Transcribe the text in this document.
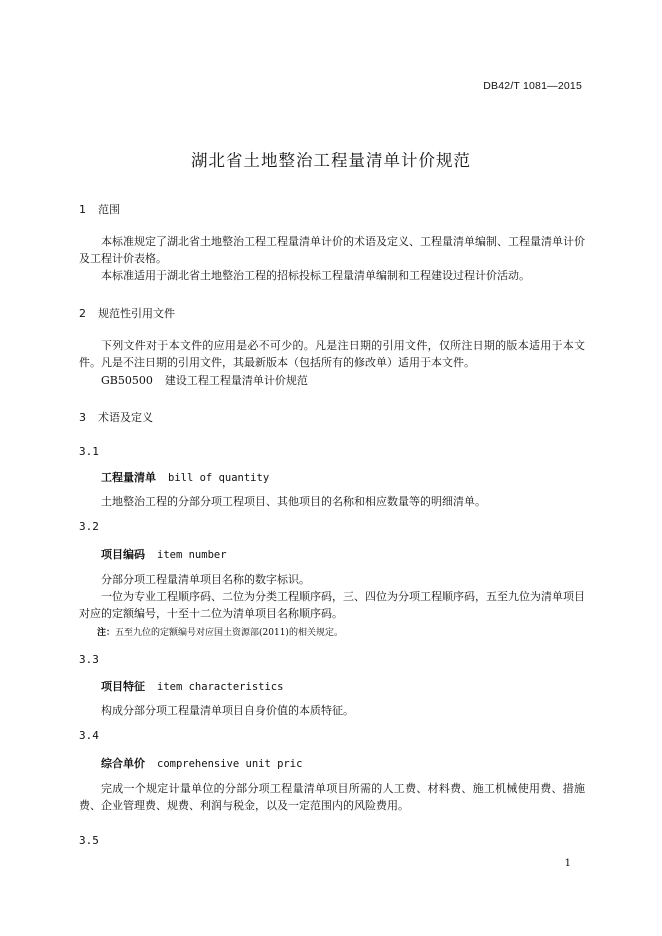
DB42/T 1081—2015
湖北省土地整治工程量清单计价规范
1 范围
本标准规定了湖北省土地整治工程工程量清单计价的术语及定义、工程量清单编制、工程量清单计价及工程计价表格。
本标准适用于湖北省土地整治工程的招标投标工程量清单编制和工程建设过程计价活动。
2 规范性引用文件
下列文件对于本文件的应用是必不可少的。凡是注日期的引用文件，仅所注日期的版本适用于本文件。凡是不注日期的引用文件，其最新版本（包括所有的修改单）适用于本文件。
GB50500 建设工程工程量清单计价规范
3 术语及定义
3.1
工程量清单 bill of quantity
土地整治工程的分部分项工程项目、其他项目的名称和相应数量等的明细清单。
3.2
项目编码 item number
分部分项工程量清单项目名称的数字标识。
一位为专业工程顺序码、二位为分类工程顺序码，三、四位为分项工程顺序码，五至九位为清单项目对应的定额编号，十至十二位为清单项目名称顺序码。
注：五至九位的定额编号对应国土资源部(2011)的相关规定。
3.3
项目特征 item characteristics
构成分部分项工程量清单项目自身价值的本质特征。
3.4
综合单价 comprehensive unit pric
完成一个规定计量单位的分部分项工程量清单项目所需的人工费、材料费、施工机械使用费、措施费、企业管理费、规费、利润与税金，以及一定范围内的风险费用。
3.5
1
